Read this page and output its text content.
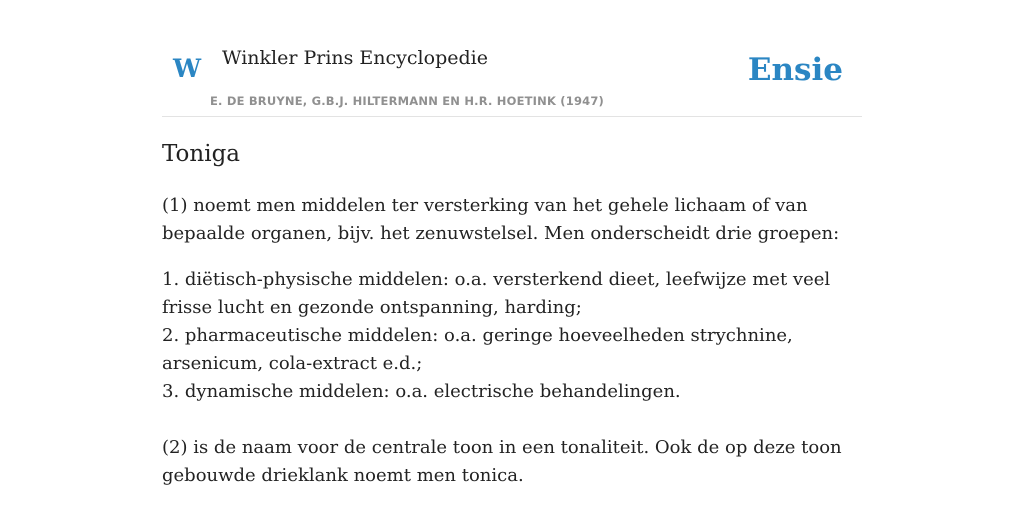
W Winkler Prins Encyclopedie
E. DE BRUYNE, G.B.J. HILTERMANN EN H.R. HOETINK (1947)
Ensie
Toniga

(1) noemt men middelen ter versterking van het gehele lichaam of van bepaalde organen, bijv. het zenuwstelsel. Men onderscheidt drie groepen:

1. diëtisch-physische middelen: o.a. versterkend dieet, leefwijze met veel frisse lucht en gezonde ontspanning, harding;
2. pharmaceutische middelen: o.a. geringe hoeveelheden strychnine, arsenicum, cola-extract e.d.;
3. dynamische middelen: o.a. electrische behandelingen.

(2) is de naam voor de centrale toon in een tonaliteit. Ook de op deze toon gebouwde drieklank noemt men tonica.
